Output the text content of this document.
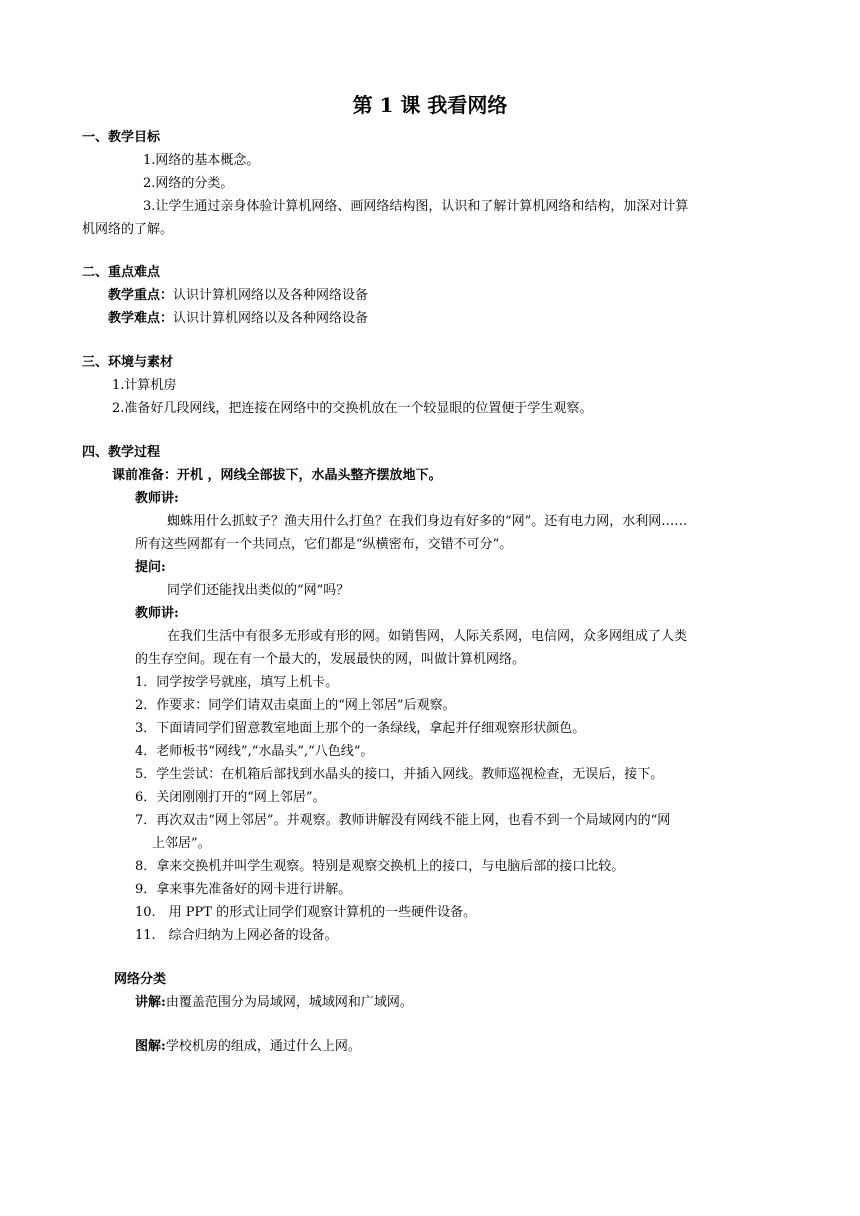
第 1 课 我看网络
一、教学目标
1.网络的基本概念。
2.网络的分类。
3.让学生通过亲身体验计算机网络、画网络结构图，认识和了解计算机网络和结构，加深对计算
机网络的了解。
二、重点难点
教学重点：认识计算机网络以及各种网络设备
教学难点：认识计算机网络以及各种网络设备
三、环境与素材
1.计算机房
2.准备好几段网线，把连接在网络中的交换机放在一个较显眼的位置便于学生观察。
四、教学过程
课前准备：开机 ，网线全部拔下，水晶头整齐摆放地下。
教师讲:
蜘蛛用什么抓蚊子？渔夫用什么打鱼？在我们身边有好多的“网”。还有电力网，水利网……
所有这些网都有一个共同点，它们都是“纵横密布，交错不可分”。
提问:
同学们还能找出类似的“网”吗？
教师讲:
在我们生活中有很多无形或有形的网。如销售网，人际关系网，电信网，众多网组成了人类
的生存空间。现在有一个最大的，发展最快的网，叫做计算机网络。
1．同学按学号就座，填写上机卡。
2．作要求：同学们请双击桌面上的“网上邻居”后观察。
3．下面请同学们留意教室地面上那个的一条绿线，拿起并仔细观察形状颜色。
4．老师板书“网线”,“水晶头”,“八色线“。
5．学生尝试：在机箱后部找到水晶头的接口，并插入网线。教师巡视检查，无误后，接下。
6．关闭刚刚打开的“网上邻居”。
7．再次双击“网上邻居”。并观察。教师讲解没有网线不能上网，也看不到一个局域网内的“网
上邻居”。
8．拿来交换机并叫学生观察。特别是观察交换机上的接口，与电脑后部的接口比较。
9．拿来事先准备好的网卡进行讲解。
10.　用 PPT 的形式让同学们观察计算机的一些硬件设备。
11.　综合归纳为上网必备的设备。
网络分类
讲解:由覆盖范围分为局域网，城域网和广域网。
图解:学校机房的组成，通过什么上网。
